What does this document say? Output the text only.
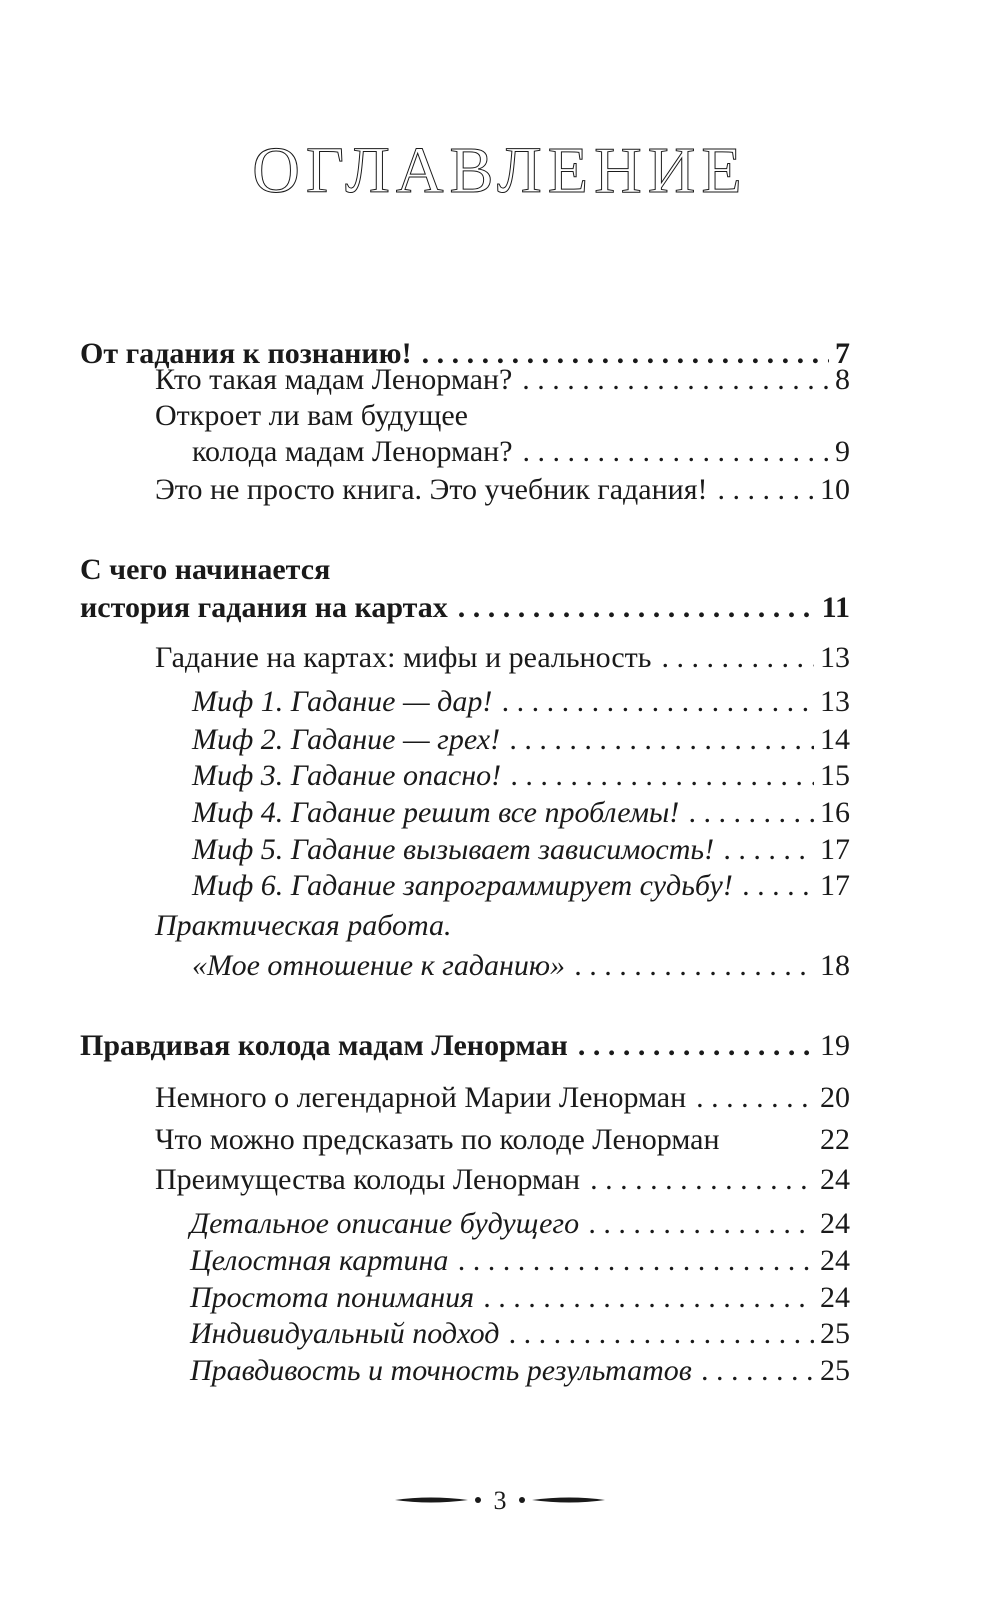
ОГЛАВЛЕНИЕ
От гадания к познанию! . . .	7
Кто такая мадам Ленорман? . . .	8
Откроет ли вам будущее
колода мадам Ленорман? . . .	9
Это не просто книга. Это учебник гадания! . . .	10
С чего начинается
история гадания на картах . . .	11
Гадание на картах: мифы и реальность . . .	13
Миф 1. Гадание — дар! . . .	13
Миф 2. Гадание — грех! . . .	14
Миф 3. Гадание опасно! . . .	15
Миф 4. Гадание решит все проблемы! . . .	16
Миф 5. Гадание вызывает зависимость! . . .	17
Миф 6. Гадание запрограммирует судьбу! . . .	17
Практическая работа.
«Мое отношение к гаданию» . . .	18
Правдивая колода мадам Ленорман . . .	19
Немного о легендарной Марии Ленорман . . .	20
Что можно предсказать по колоде Ленорман	22
Преимущества колоды Ленорман . . .	24
Детальное описание будущего . . .	24
Целостная картина . . .	24
Простота понимания . . .	24
Индивидуальный подход . . .	25
Правдивость и точность результатов . . .	25
3
